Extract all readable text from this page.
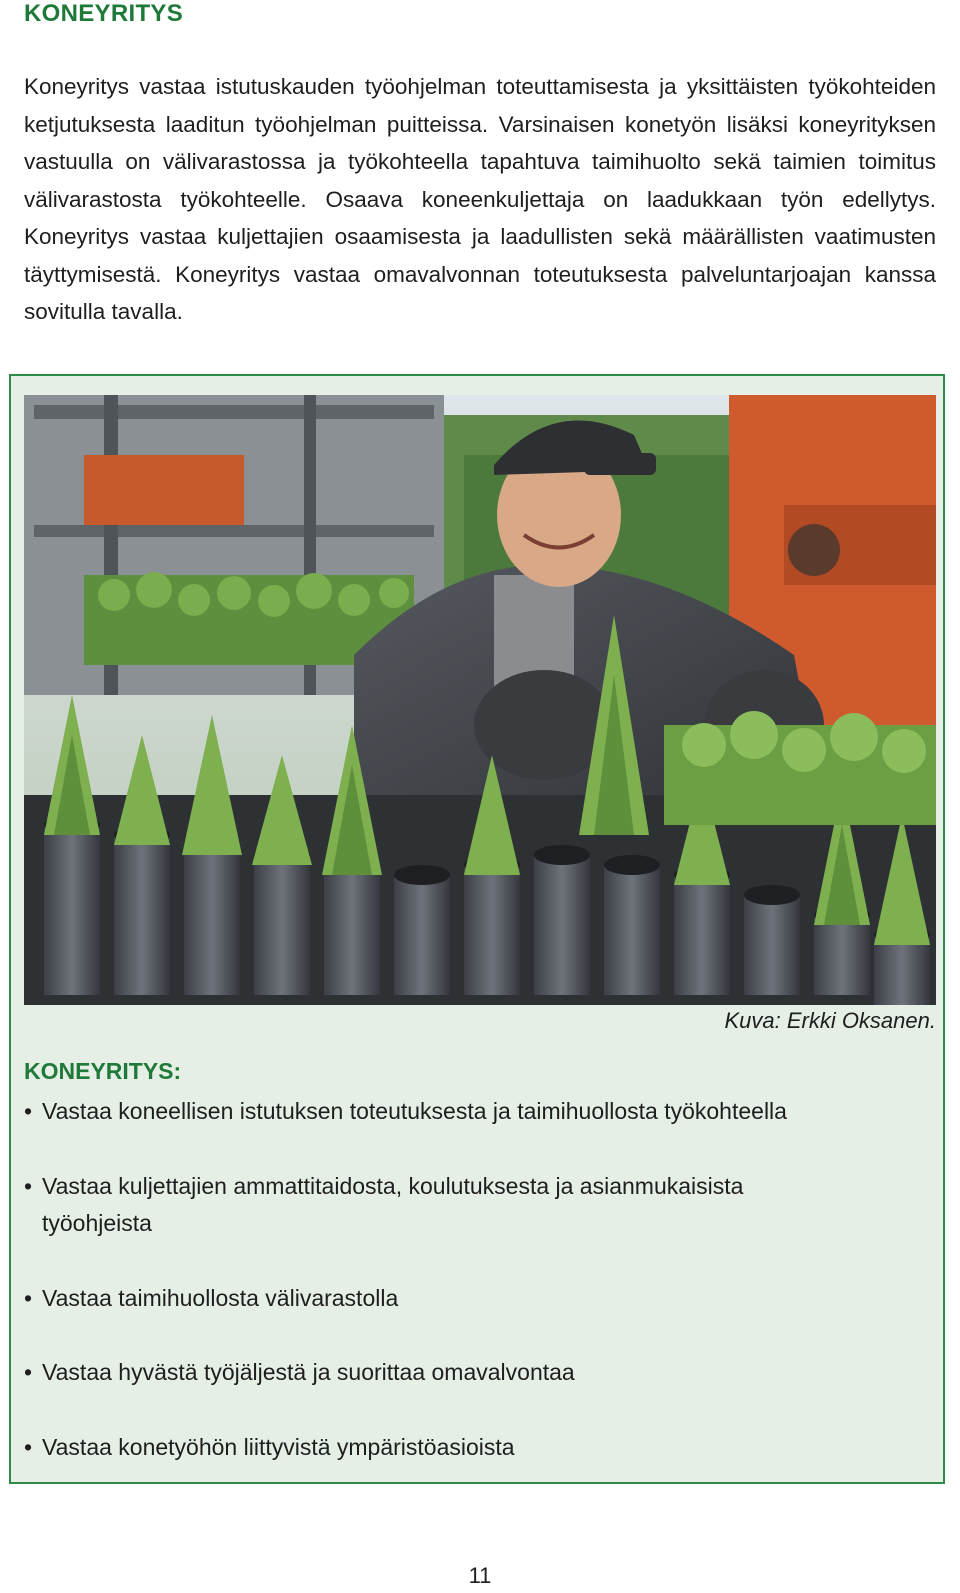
KONEYRITYS

Koneyritys vastaa istutuskauden työohjelman toteuttamisesta ja yksittäisten työkohteiden ketjutuksesta laaditun työohjelman puitteissa. Varsinaisen konetyön lisäksi koneyrityksen vastuulla on välivarastossa ja työkohteella tapahtuva taimihuolto sekä taimien toimitus välivarastosta työkohteelle. Osaava koneenkuljettaja on laadukkaan työn edellytys. Koneyritys vastaa kuljettajien osaamisesta ja laadullisten sekä määrällisten vaatimusten täyttymisestä. Koneyritys vastaa omavalvonnan toteutuksesta palveluntarjoajan kanssa sovitulla tavalla.

Kuva: Erkki Oksanen.
KONEYRITYS:
• Vastaa koneellisen istutuksen toteutuksesta ja taimihuollosta työkohteella
• Vastaa kuljettajien ammattitaidosta, koulutuksesta ja asianmukaisista työohjeista
• Vastaa taimihuollosta välivarastolla
• Vastaa hyvästä työjäljestä ja suorittaa omavalvontaa
• Vastaa konetyöhön liittyvistä ympäristöasioista
11
